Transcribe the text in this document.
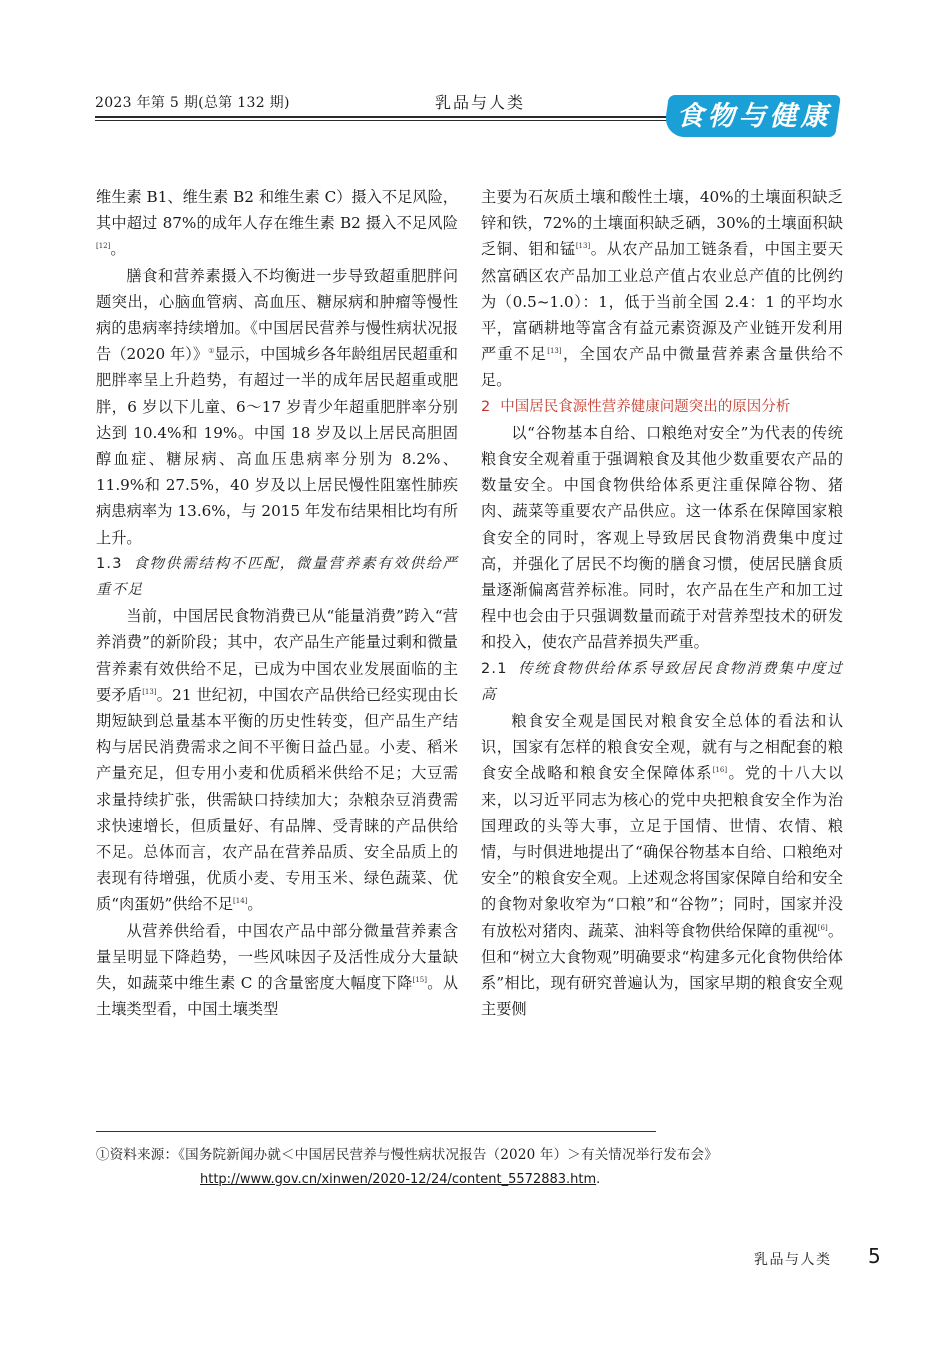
2023 年第 5 期(总第 132 期)	乳品与人类	食物与健康

维生素 B1、维生素 B2 和维生素 C）摄入不足风险，其中超过 87%的成年人存在维生素 B2 摄入不足风险[12]。

膳食和营养素摄入不均衡进一步导致超重肥胖问题突出，心脑血管病、高血压、糖尿病和肿瘤等慢性病的患病率持续增加。《中国居民营养与慢性病状况报告（2020 年）》①显示，中国城乡各年龄组居民超重和肥胖率呈上升趋势，有超过一半的成年居民超重或肥胖，6 岁以下儿童、6～17 岁青少年超重肥胖率分别达到 10.4%和 19%。中国 18 岁及以上居民高胆固醇血症、糖尿病、高血压患病率分别为 8.2%、11.9%和 27.5%，40 岁及以上居民慢性阻塞性肺疾病患病率为 13.6%，与 2015 年发布结果相比均有所上升。

1.3 食物供需结构不匹配，微量营养素有效供给严重不足

当前，中国居民食物消费已从“能量消费”跨入“营养消费”的新阶段；其中，农产品生产能量过剩和微量营养素有效供给不足，已成为中国农业发展面临的主要矛盾[13]。21 世纪初，中国农产品供给已经实现由长期短缺到总量基本平衡的历史性转变，但产品生产结构与居民消费需求之间不平衡日益凸显。小麦、稻米产量充足，但专用小麦和优质稻米供给不足；大豆需求量持续扩张，供需缺口持续加大；杂粮杂豆消费需求快速增长，但质量好、有品牌、受青睐的产品供给不足。总体而言，农产品在营养品质、安全品质上的表现有待增强，优质小麦、专用玉米、绿色蔬菜、优质“肉蛋奶”供给不足[14]。

从营养供给看，中国农产品中部分微量营养素含量呈明显下降趋势，一些风味因子及活性成分大量缺失，如蔬菜中维生素 C 的含量密度大幅度下降[15]。从土壤类型看，中国土壤类型

主要为石灰质土壤和酸性土壤，40%的土壤面积缺乏锌和铁，72%的土壤面积缺乏硒，30%的土壤面积缺乏铜、钼和锰[13]。从农产品加工链条看，中国主要天然富硒区农产品加工业总产值占农业总产值的比例约为（0.5~1.0）：1，低于当前全国 2.4：1 的平均水平，富硒耕地等富含有益元素资源及产业链开发利用严重不足[13]，全国农产品中微量营养素含量供给不足。

2 中国居民食源性营养健康问题突出的原因分析

以“谷物基本自给、口粮绝对安全”为代表的传统粮食安全观着重于强调粮食及其他少数重要农产品的数量安全。中国食物供给体系更注重保障谷物、猪肉、蔬菜等重要农产品供应。这一体系在保障国家粮食安全的同时，客观上导致居民食物消费集中度过高，并强化了居民不均衡的膳食习惯，使居民膳食质量逐渐偏离营养标准。同时，农产品在生产和加工过程中也会由于只强调数量而疏于对营养型技术的研发和投入，使农产品营养损失严重。

2.1 传统食物供给体系导致居民食物消费集中度过高

粮食安全观是国民对粮食安全总体的看法和认识，国家有怎样的粮食安全观，就有与之相配套的粮食安全战略和粮食安全保障体系[16]。党的十八大以来，以习近平同志为核心的党中央把粮食安全作为治国理政的头等大事，立足于国情、世情、农情、粮情，与时俱进地提出了“确保谷物基本自给、口粮绝对安全”的粮食安全观。上述观念将国家保障自给和安全的食物对象收窄为“口粮”和“谷物”；同时，国家并没有放松对猪肉、蔬菜、油料等食物供给保障的重视[6]。但和“树立大食物观”明确要求“构建多元化食物供给体系”相比，现有研究普遍认为，国家早期的粮食安全观主要侧

①资料来源：《国务院新闻办就＜中国居民营养与慢性病状况报告（2020 年）＞有关情况举行发布会》
http://www.gov.cn/xinwen/2020-12/24/content_5572883.htm.
乳品与人类 5
